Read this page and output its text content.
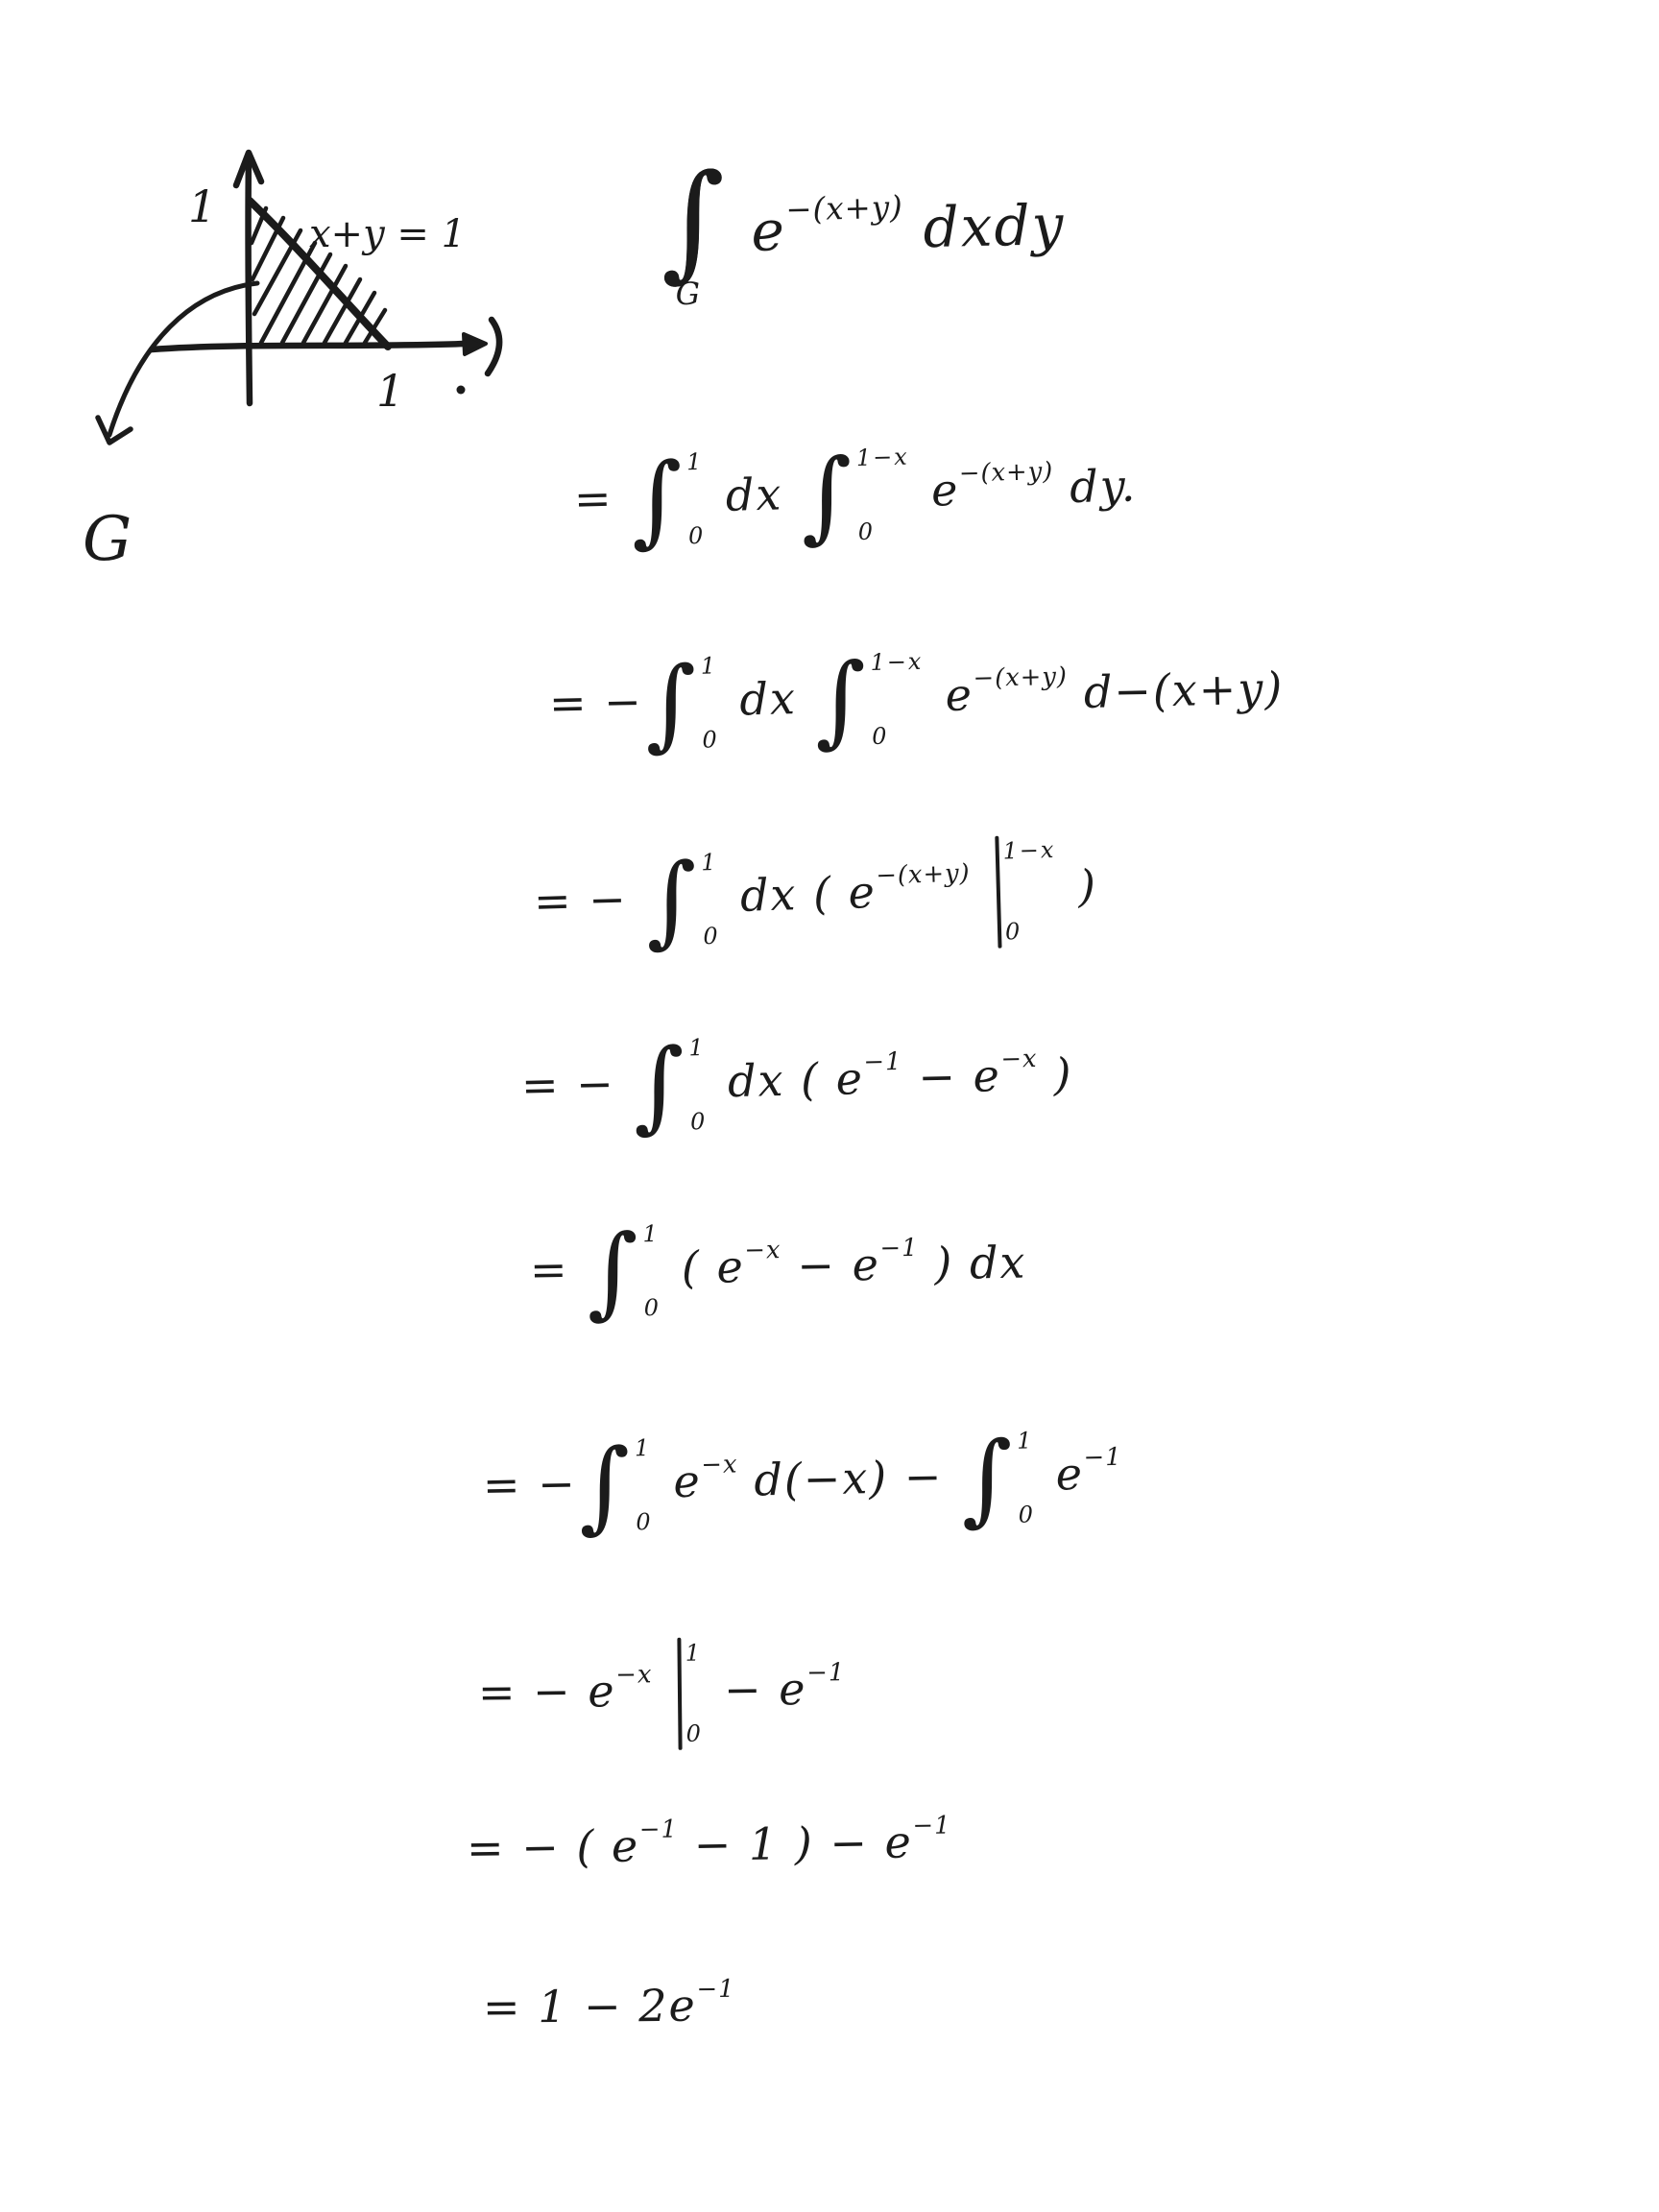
1
x+y = 1
1
G
∫∫ G
$e^{-(x+y)}$ dxdy
= ∫ 1
0
dx ∫ 1−x
0
$e^{-(x+y)}$ dy.
= − ∫ 1
0
dx ∫ 1−x
0
$e^{-(x+y)}$ d−(x+y)
= − ∫ 1
0
dx ( $e^{-(x+y)}$
1−x
0
)
= − ∫ 1
0
dx ( $e^{-1} - e^{-x}$ )
= ∫ 1
0
( $e^{-x} - e^{-1}$ ) dx
= − ∫ 1
0
$e^{-x}$ d(−x) − ∫ 1
0
$e^{-1}$
= − $e^{-x}$
1
0
− $e^{-1}$
= − ( $e^{-1} - 1$ ) − $e^{-1}$
= $1 - 2e^{-1}$
